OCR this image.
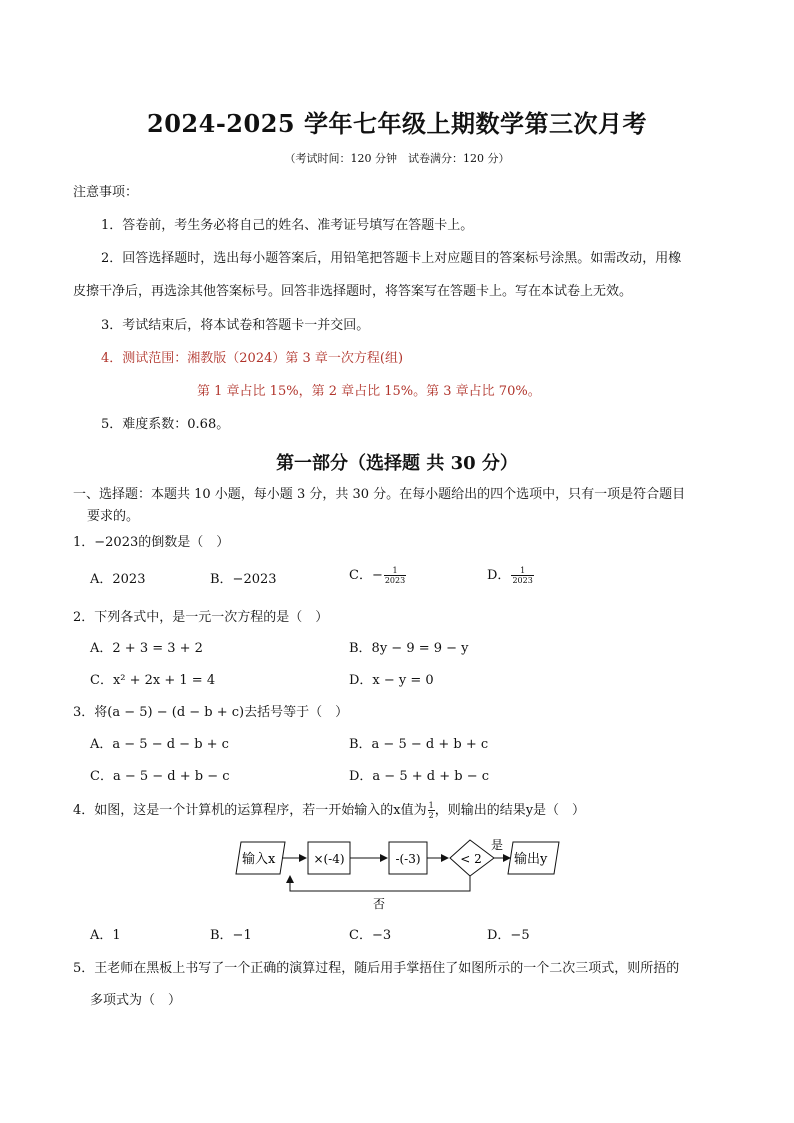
2024-2025 学年七年级上期数学第三次月考
（考试时间：120 分钟　试卷满分：120 分）
注意事项：
1．答卷前，考生务必将自己的姓名、准考证号填写在答题卡上。
2．回答选择题时，选出每小题答案后，用铅笔把答题卡上对应题目的答案标号涂黑。如需改动，用橡
皮擦干净后，再选涂其他答案标号。回答非选择题时，将答案写在答题卡上。写在本试卷上无效。
3．考试结束后，将本试卷和答题卡一并交回。
4．测试范围：湘教版（2024）第 3 章一次方程(组)
第 1 章占比 15%，第 2 章占比 15%。第 3 章占比 70%。
5．难度系数：0.68。
第一部分（选择题 共 30 分）
一、选择题：本题共 10 小题，每小题 3 分，共 30 分。在每小题给出的四个选项中，只有一项是符合题目
要求的。
1．−2023的倒数是（　）
A．2023	B．−2023	C．− $\frac{1}{2023}$	D． $\frac{1}{2023}$
2．下列各式中，是一元一次方程的是（　）
A．2 + 3 = 3 + 2	B．8y − 9 = 9 − y
C．x² + 2x + 1 = 4	D．x − y = 0
3．将(a − 5) − (d − b + c)去括号等于（　）
A．a − 5 − d − b + c	B．a − 5 − d + b + c
C．a − 5 − d + b − c	D．a − 5 + d + b − c
4．如图，这是一个计算机的运算程序，若一开始输入的x值为 $\frac{1}{2}$ ，则输出的结果y是（　）
输入x	×(-4)	-(-3)	< 2
是
输出y
否
A．1	B．−1	C．−3	D．−5
5．王老师在黑板上书写了一个正确的演算过程，随后用手掌捂住了如图所示的一个二次三项式，则所捂的
多项式为（　）
